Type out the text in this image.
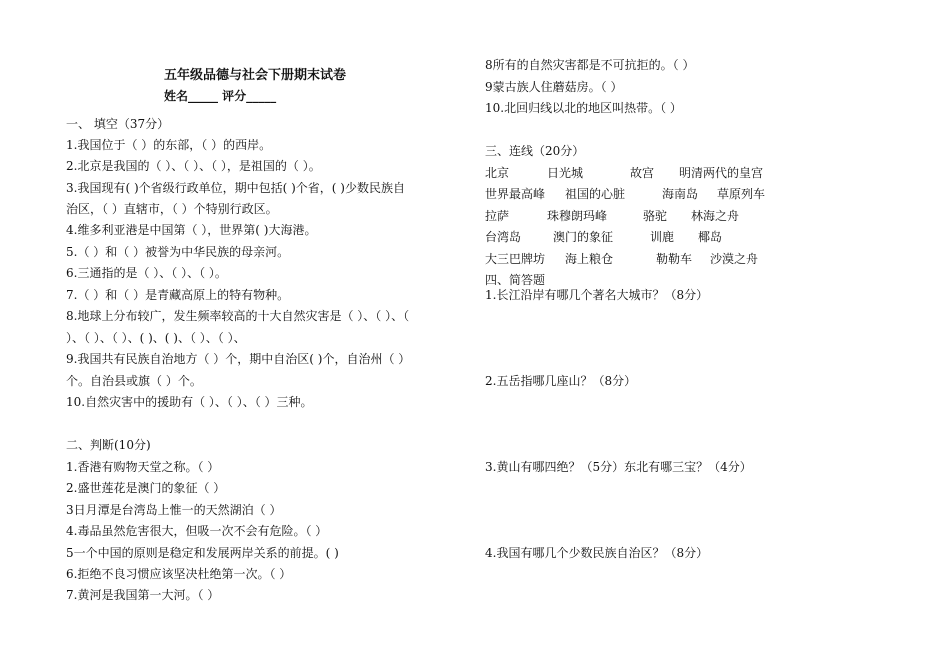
五年级品德与社会下册期末试卷
姓名_____ 评分_____
一、 填空（37分）
1.我国位于（ ）的东部，（ ）的西岸。
2.北京是我国的（ ）、（ ）、（ ），是祖国的（ ）。
3.我国现有( )个省级行政单位，期中包括( )个省，( )少数民族自
治区，（ ）直辖市，（ ）个特别行政区。
4.维多利亚港是中国第（ ），世界第( )大海港。
5.（ ）和（ ）被誉为中华民族的母亲河。
6.三通指的是（ ）、（ ）、（ ）。
7.（ ）和（ ）是青藏高原上的特有物种。
8.地球上分布较广，发生频率较高的十大自然灾害是（ ）、（ ）、（
）、（ ）、（ ）、( )、( )、（ ）、（ ）、
9.我国共有民族自治地方（ ）个，期中自治区( )个，自治州（ ）
个。自治县或旗（ ）个。
10.自然灾害中的援助有（ ）、（ ）、（ ）三种。
二、判断(10分)
1.香港有购物天堂之称。（ ）
2.盛世莲花是澳门的象征（ ）
3日月潭是台湾岛上惟一的天然湖泊（ ）
4.毒品虽然危害很大，但吸一次不会有危险。（ ）
5一个中国的原则是稳定和发展两岸关系的前提。( )
6.拒绝不良习惯应该坚决杜绝第一次。（ ）
7.黄河是我国第一大河。（ ）
8所有的自然灾害都是不可抗拒的。（ ）
9蒙古族人住蘑菇房。（ ）
10.北回归线以北的地区叫热带。（ ）
三、连线（20分）
北京	日光城	故宫 明清两代的皇宫
世界最高峰 祖国的心脏	海南岛 草原列车
拉萨	珠穆朗玛峰	骆驼 林海之舟
台湾岛	澳门的象征	训鹿 椰岛
大三巴牌坊 海上粮仓	勒勒车 沙漠之舟
四、简答题
1.长江沿岸有哪几个著名大城市？（8分）
2.五岳指哪几座山？（8分）
3.黄山有哪四绝？（5分）东北有哪三宝？（4分）
4.我国有哪几个少数民族自治区？（8分）
